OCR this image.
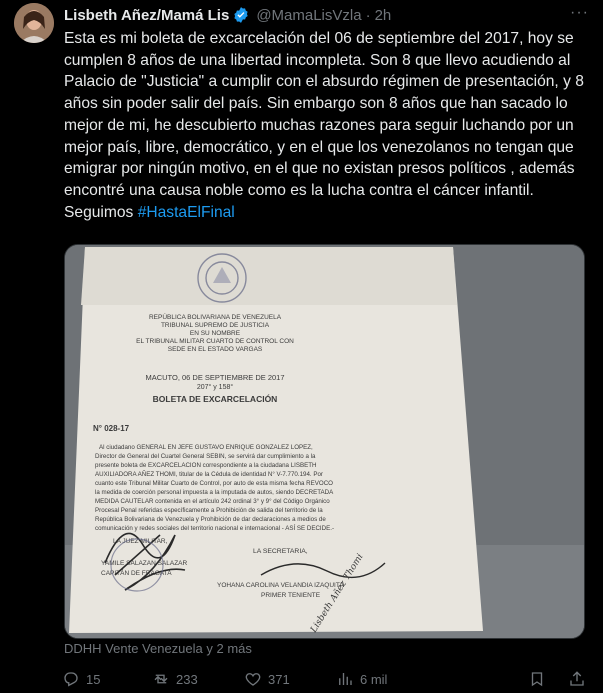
Lisbeth Añez/Mamá Lis @MamaLisVzla · 2h	···
Esta es mi boleta de excarcelación del 06 de septiembre del 2017, hoy se cumplen 8 años de una libertad incompleta. Son 8 que llevo acudiendo al Palacio de "Justicia" a cumplir con el absurdo régimen de presentación, y 8 años sin poder salir del país. Sin embargo son 8 años que han sacado lo mejor de mi, he descubierto muchas razones para seguir luchando por un mejor país, libre, democrático, y en el que los venezolanos no tengan que emigrar por ningún motivo, en el que no existan presos políticos , además encontré una causa noble como es la lucha contra el cáncer infantil. Seguimos #HastaElFinal
REPÚBLICA BOLIVARIANA DE VENEZUELA
TRIBUNAL SUPREMO DE JUSTICIA
EN SU NOMBRE
EL TRIBUNAL MILITAR CUARTO DE CONTROL CON
SEDE EN EL ESTADO VARGAS
MACUTO, 06 DE SEPTIEMBRE DE 2017
207° y 158°
BOLETA DE EXCARCELACIÓN
N° 028-17
Al ciudadano GENERAL EN JEFE GUSTAVO ENRIQUE GONZALEZ LOPEZ,
Director de General del Cuartel General SEBIN, se servirá dar cumplimiento a la
presente boleta de EXCARCELACION correspondiente a la ciudadana LISBETH
AUXILIADORA AÑEZ THOMI, titular de la Cédula de identidad N° V-7.770.194. Por
cuanto este Tribunal Militar Cuarto de Control, por auto de esta misma fecha REVOCO
la medida de coerción personal impuesta a la imputada de autos, siendo DECRETADA
MEDIDA CAUTELAR contenida en el artículo 242 ordinal 3° y 9° del Código Orgánico
Procesal Penal referidas específicamente a Prohibición de salida del territorio de la
República Bolivariana de Venezuela y Prohibición de dar declaraciones a medios de
comunicación y redes sociales del territorio nacional e internacional - ASÍ SE DECIDE.-
LA JUEZ MILITAR,
YAMILE SALAZAN SALAZAR
CAPITÁN DE FRAGATA
LA SECRETARIA,
YOHANA CAROLINA VELANDIA IZAQUITA
PRIMER TENIENTE
Lisbeth Añez Thomi
DDHH Vente Venezuela y 2 más
15	233	371	6 mil
